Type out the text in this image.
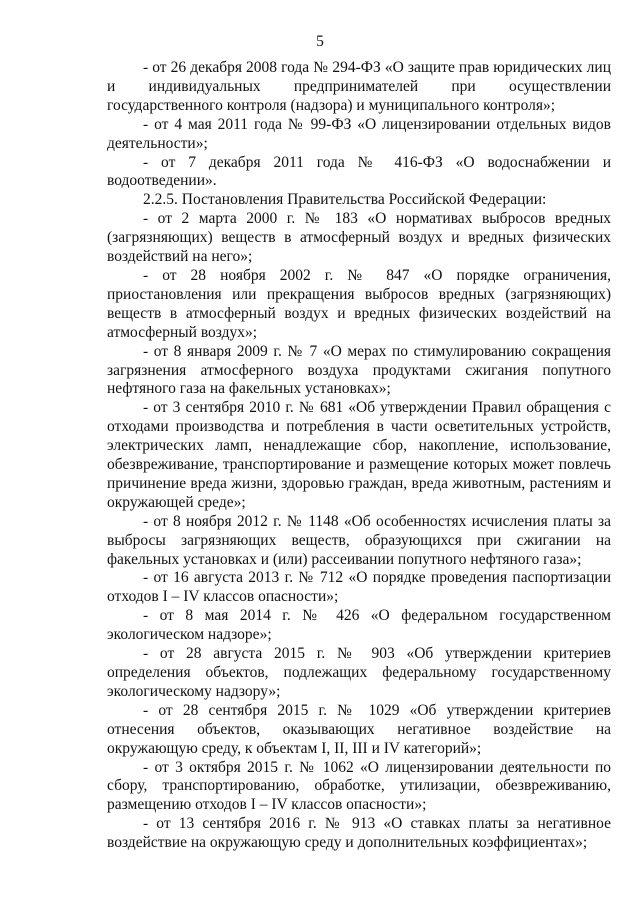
5

- от 26 декабря 2008 года № 294-ФЗ «О защите прав юридических лиц и индивидуальных предпринимателей при осуществлении государственного контроля (надзора) и муниципального контроля»;

- от 4 мая 2011 года № 99-ФЗ «О лицензировании отдельных видов деятельности»;

- от 7 декабря 2011 года № 416-ФЗ «О водоснабжении и водоотведении».

2.2.5. Постановления Правительства Российской Федерации:

- от 2 марта 2000 г. № 183 «О нормативах выбросов вредных (загрязняющих) веществ в атмосферный воздух и вредных физических воздействий на него»;

- от 28 ноября 2002 г. № 847 «О порядке ограничения, приостановления или прекращения выбросов вредных (загрязняющих) веществ в атмосферный воздух и вредных физических воздействий на атмосферный воздух»;

- от 8 января 2009 г. № 7 «О мерах по стимулированию сокращения загрязнения атмосферного воздуха продуктами сжигания попутного нефтяного газа на факельных установках»;

- от 3 сентября 2010 г. № 681 «Об утверждении Правил обращения с отходами производства и потребления в части осветительных устройств, электрических ламп, ненадлежащие сбор, накопление, использование, обезвреживание, транспортирование и размещение которых может повлечь причинение вреда жизни, здоровью граждан, вреда животным, растениям и окружающей среде»;

- от 8 ноября 2012 г. № 1148 «Об особенностях исчисления платы за выбросы загрязняющих веществ, образующихся при сжигании на факельных установках и (или) рассеивании попутного нефтяного газа»;

- от 16 августа 2013 г. № 712 «О порядке проведения паспортизации отходов I – IV классов опасности»;

- от 8 мая 2014 г. № 426 «О федеральном государственном экологическом надзоре»;

- от 28 августа 2015 г. № 903 «Об утверждении критериев определения объектов, подлежащих федеральному государственному экологическому надзору»;

- от 28 сентября 2015 г. № 1029 «Об утверждении критериев отнесения объектов, оказывающих негативное воздействие на окружающую среду, к объектам I, II, III и IV категорий»;

- от 3 октября 2015 г. № 1062 «О лицензировании деятельности по сбору, транспортированию, обработке, утилизации, обезвреживанию, размещению отходов I – IV классов опасности»;

- от 13 сентября 2016 г. № 913 «О ставках платы за негативное воздействие на окружающую среду и дополнительных коэффициентах»;
